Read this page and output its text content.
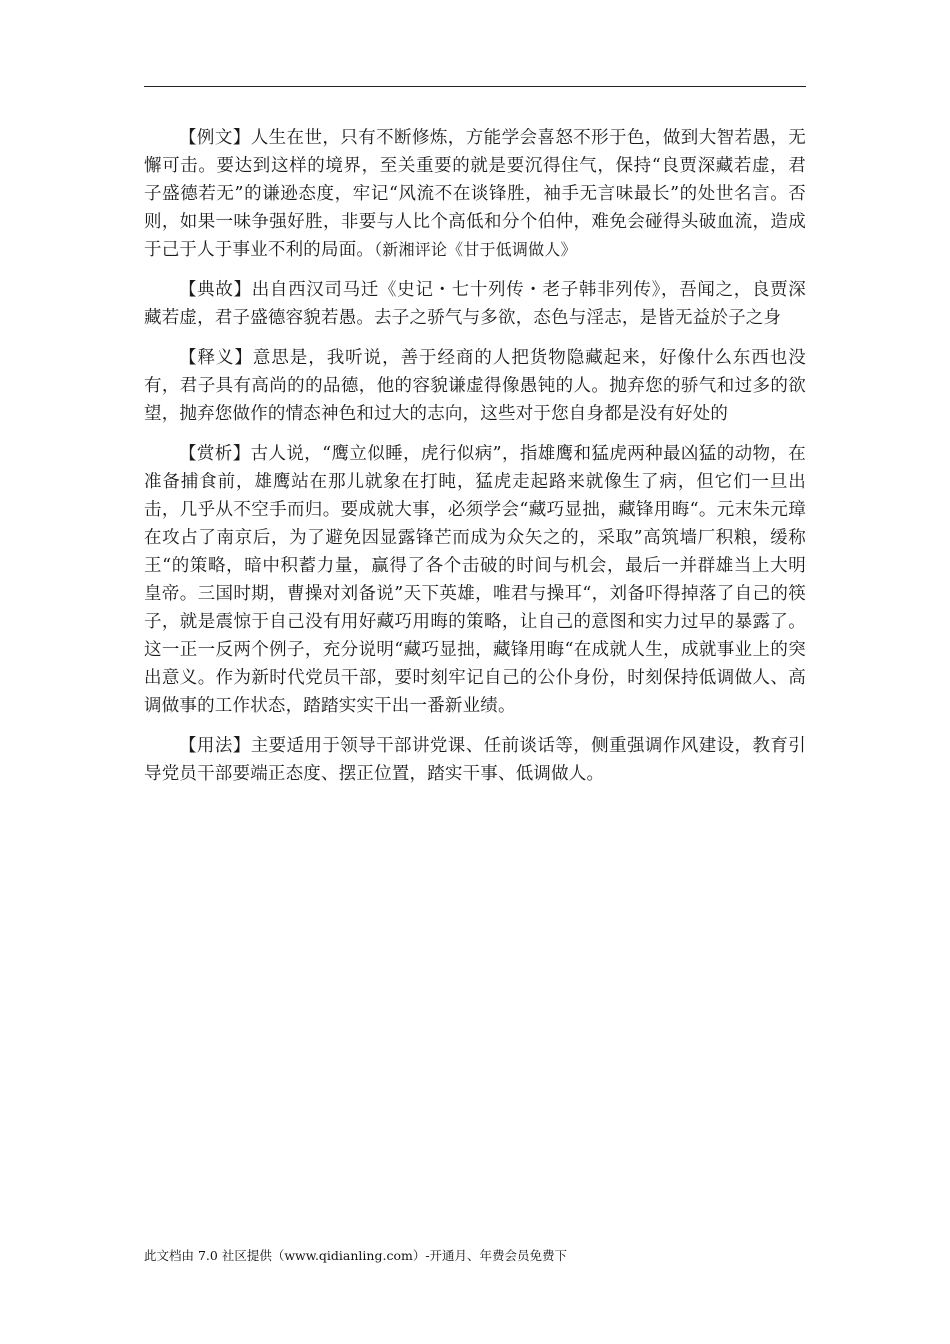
【例文】人生在世，只有不断修炼，方能学会喜怒不形于色，做到大智若愚，无懈可击。要达到这样的境界，至关重要的就是要沉得住气，保持“良贾深藏若虚，君子盛德若无”的谦逊态度，牢记“风流不在谈锋胜，袖手无言味最长”的处世名言。否则，如果一味争强好胜，非要与人比个高低和分个伯仲，难免会碰得头破血流，造成于己于人于事业不利的局面。（新湘评论《甘于低调做人》

【典故】出自西汉司马迁《史记・七十列传・老子韩非列传》，吾闻之，良贾深藏若虚，君子盛德容貌若愚。去子之骄气与多欲，态色与淫志，是皆无益於子之身

【释义】意思是，我听说，善于经商的人把货物隐藏起来，好像什么东西也没有，君子具有高尚的的品德，他的容貌谦虚得像愚钝的人。抛弃您的骄气和过多的欲望，抛弃您做作的情态神色和过大的志向，这些对于您自身都是没有好处的

【赏析】古人说，“鹰立似睡，虎行似病”，指雄鹰和猛虎两种最凶猛的动物，在准备捕食前，雄鹰站在那儿就象在打盹，猛虎走起路来就像生了病，但它们一旦出击，几乎从不空手而归。要成就大事，必须学会“藏巧显拙，藏锋用晦“。元末朱元璋在攻占了南京后，为了避免因显露锋芒而成为众矢之的，采取”高筑墙厂积粮，缓称王“的策略，暗中积蓄力量，赢得了各个击破的时间与机会，最后一并群雄当上大明皇帝。三国时期，曹操对刘备说”天下英雄，唯君与操耳“，刘备吓得掉落了自己的筷子，就是震惊于自己没有用好藏巧用晦的策略，让自己的意图和实力过早的暴露了。这一正一反两个例子，充分说明“藏巧显拙，藏锋用晦“在成就人生，成就事业上的突出意义。作为新时代党员干部，要时刻牢记自己的公仆身份，时刻保持低调做人、高调做事的工作状态，踏踏实实干出一番新业绩。

【用法】主要适用于领导干部讲党课、任前谈话等，侧重强调作风建设，教育引导党员干部要端正态度、摆正位置，踏实干事、低调做人。

此文档由 7.0 社区提供（www.qidianling.com）-开通月、年费会员免费下
